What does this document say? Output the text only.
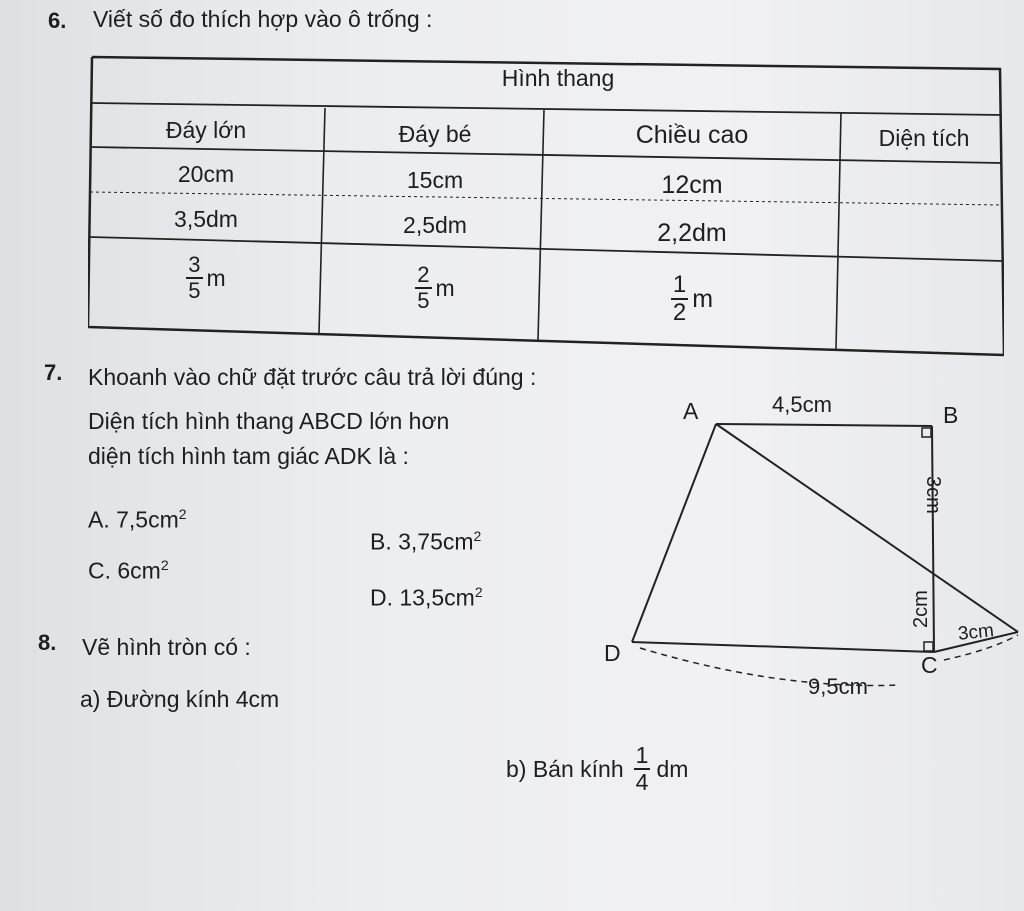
6. Viết số đo thích hợp vào ô trống :
Hình thang
Đáy lớn	Đáy bé	Chiều cao	Diện tích
20cm	15cm	12cm
3,5dm	2,5dm	2,2dm
$\frac{3}{5}$ m	$\frac{2}{5}$ m	$\frac{1}{2}$ m
7. Khoanh vào chữ đặt trước câu trả lời đúng :
Diện tích hình thang ABCD lớn hơn
diện tích hình tam giác ADK là :
A. $7,5cm^2$
C. $6cm^2$
B. $3,75cm^2$
D. $13,5cm^2$
A	B
C
D
4,5cm
3cm
2cm
3cm
9,5cm
8. Vẽ hình tròn có :
a) Đường kính 4cm
b) Bán kính $\frac{1}{4}$ dm
